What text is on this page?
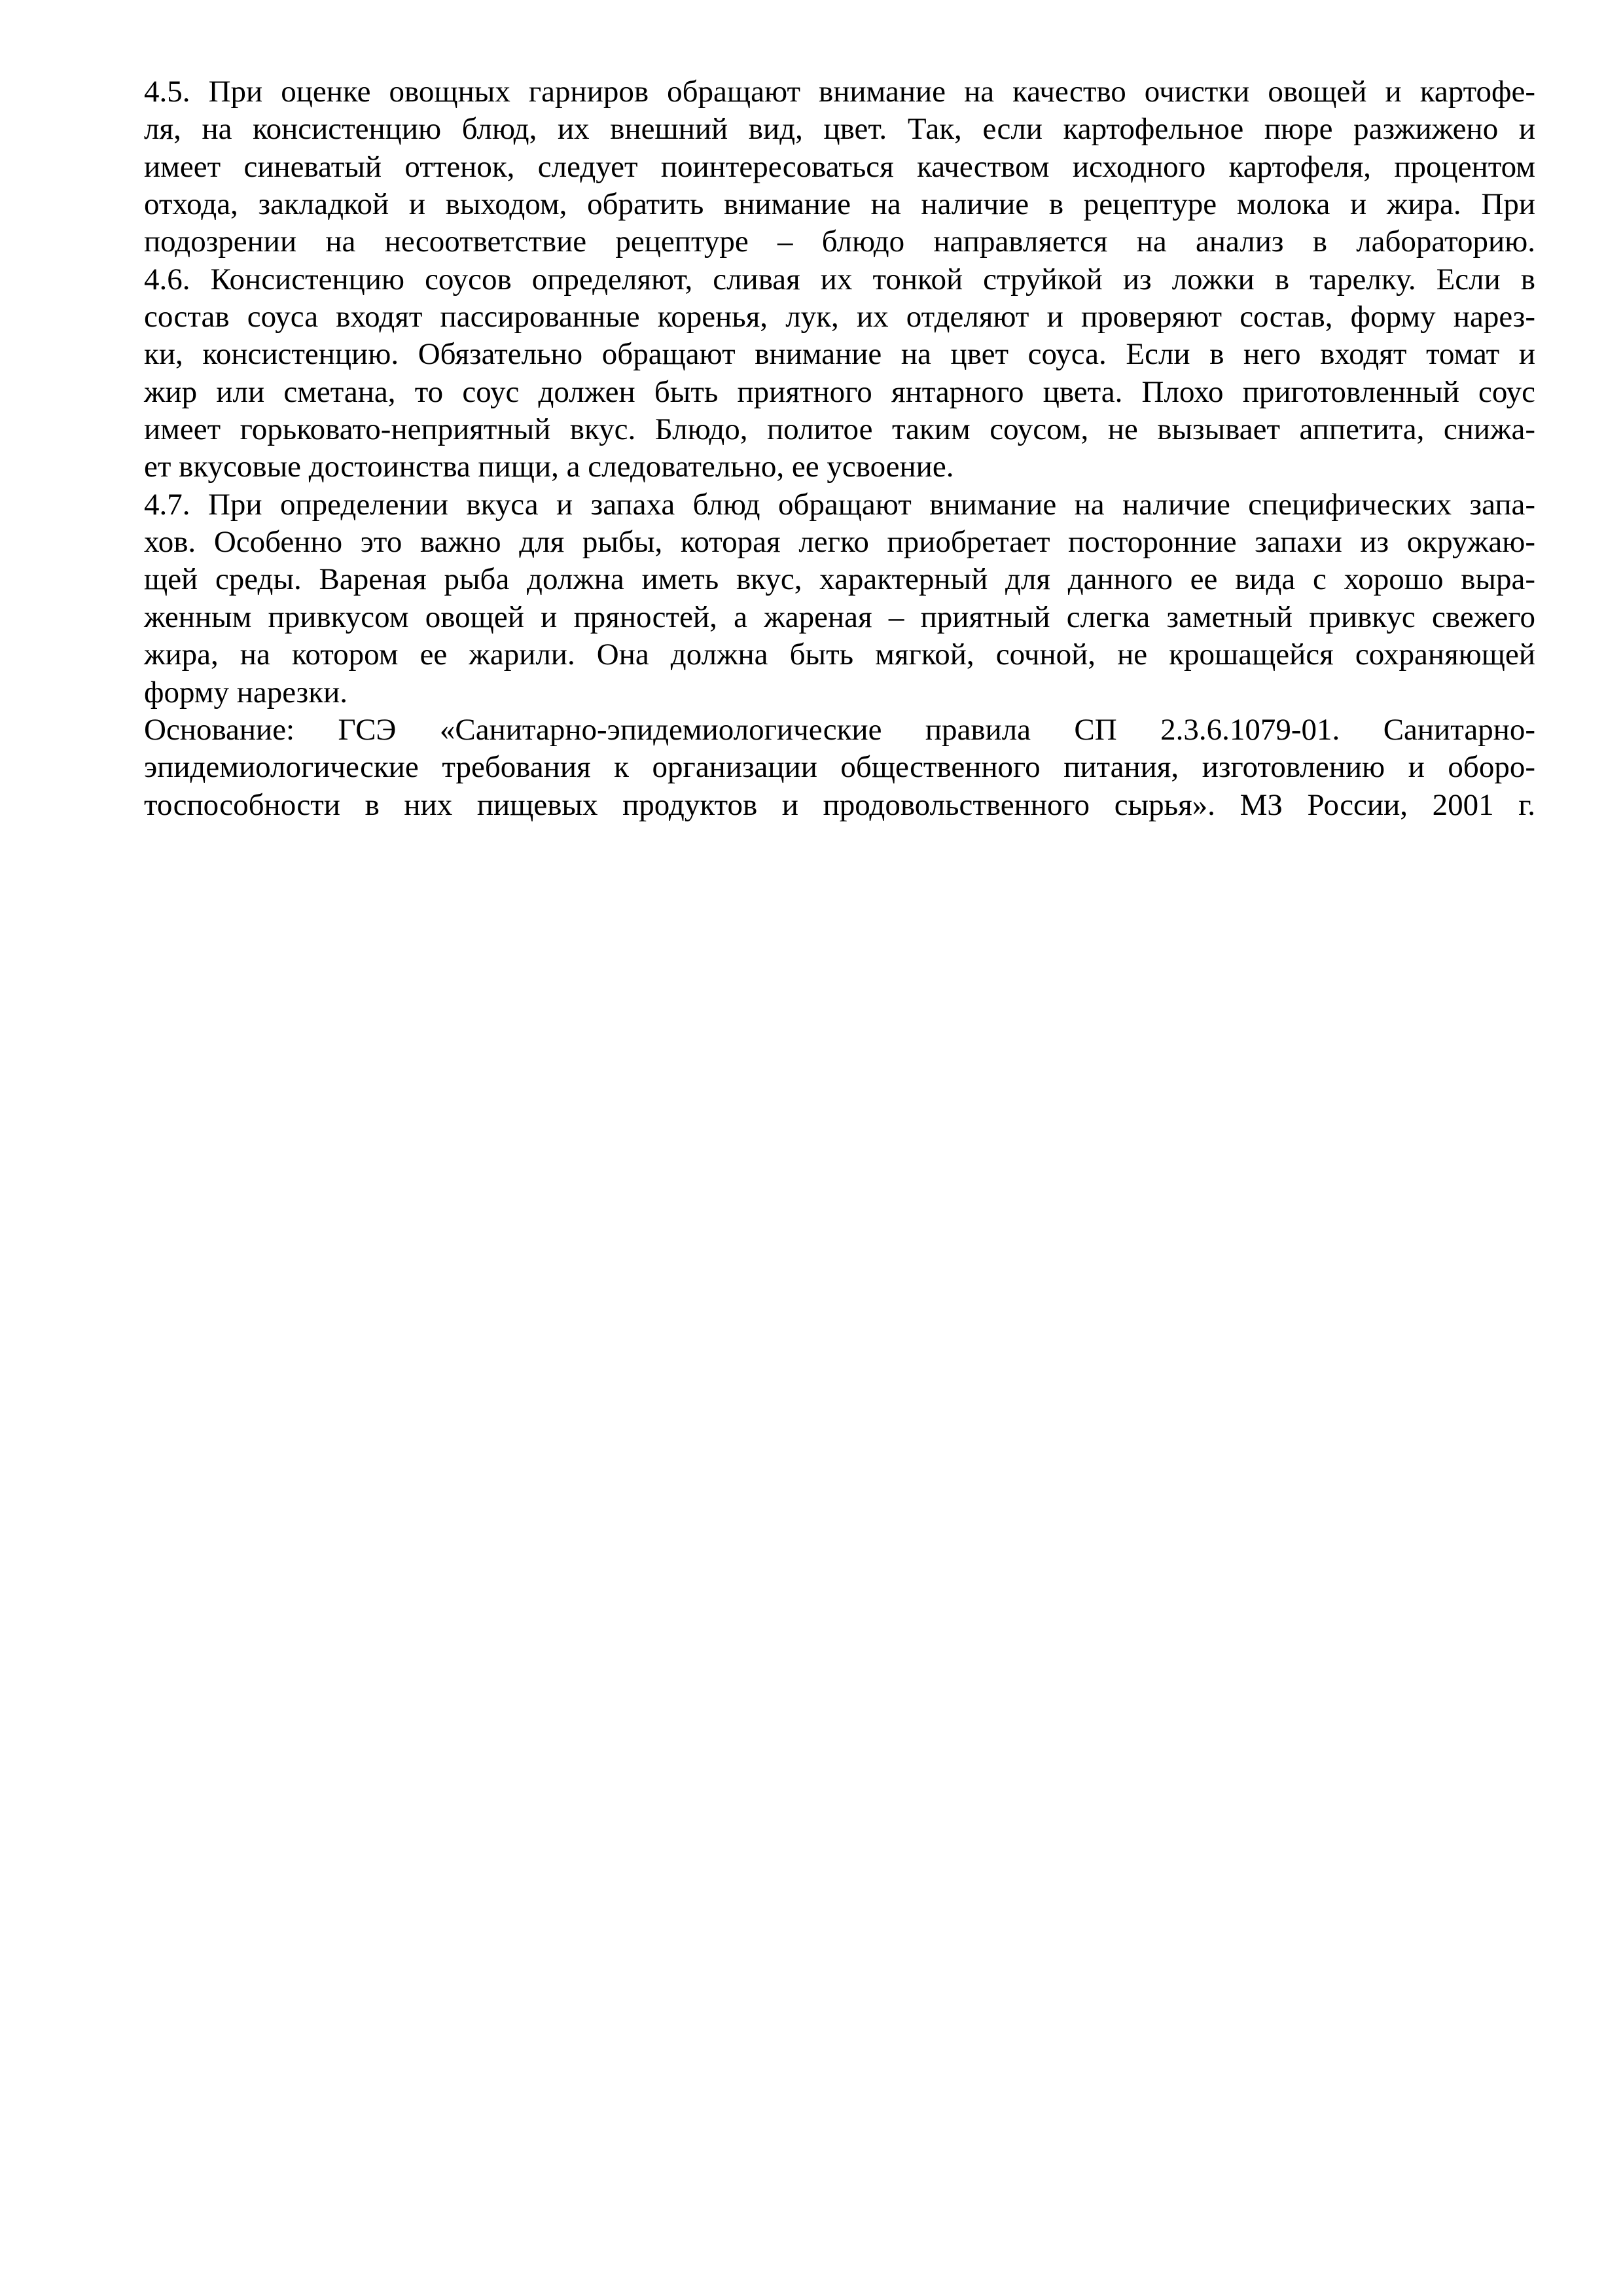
4.5. При оценке овощных гарниров обращают внимание на качество очистки овощей и картофе-
ля, на консистенцию блюд, их внешний вид, цвет. Так, если картофельное пюре разжижено и
имеет синеватый оттенок, следует поинтересоваться качеством исходного картофеля, процентом
отхода, закладкой и выходом, обратить внимание на наличие в рецептуре молока и жира. При
подозрении на несоответствие рецептуре – блюдо направляется на анализ в лабораторию.
4.6. Консистенцию соусов определяют, сливая их тонкой струйкой из ложки в тарелку. Если в
состав соуса входят пассированные коренья, лук, их отделяют и проверяют состав, форму нарез-
ки, консистенцию. Обязательно обращают внимание на цвет соуса. Если в него входят томат и
жир или сметана, то соус должен быть приятного янтарного цвета. Плохо приготовленный соус
имеет горьковато-неприятный вкус. Блюдо, политое таким соусом, не вызывает аппетита, снижа-
ет вкусовые достоинства пищи, а следовательно, ее усвоение.
4.7. При определении вкуса и запаха блюд обращают внимание на наличие специфических запа-
хов. Особенно это важно для рыбы, которая легко приобретает посторонние запахи из окружаю-
щей среды. Вареная рыба должна иметь вкус, характерный для данного ее вида с хорошо выра-
женным привкусом овощей и пряностей, а жареная – приятный слегка заметный привкус свежего
жира, на котором ее жарили. Она должна быть мягкой, сочной, не крошащейся сохраняющей
форму нарезки.
Основание: ГСЭ «Санитарно-эпидемиологические правила СП 2.3.6.1079-01. Санитарно-
эпидемиологические требования к организации общественного питания, изготовлению и оборо-
тоспособности в них пищевых продуктов и продовольственного сырья». МЗ России, 2001 г.
